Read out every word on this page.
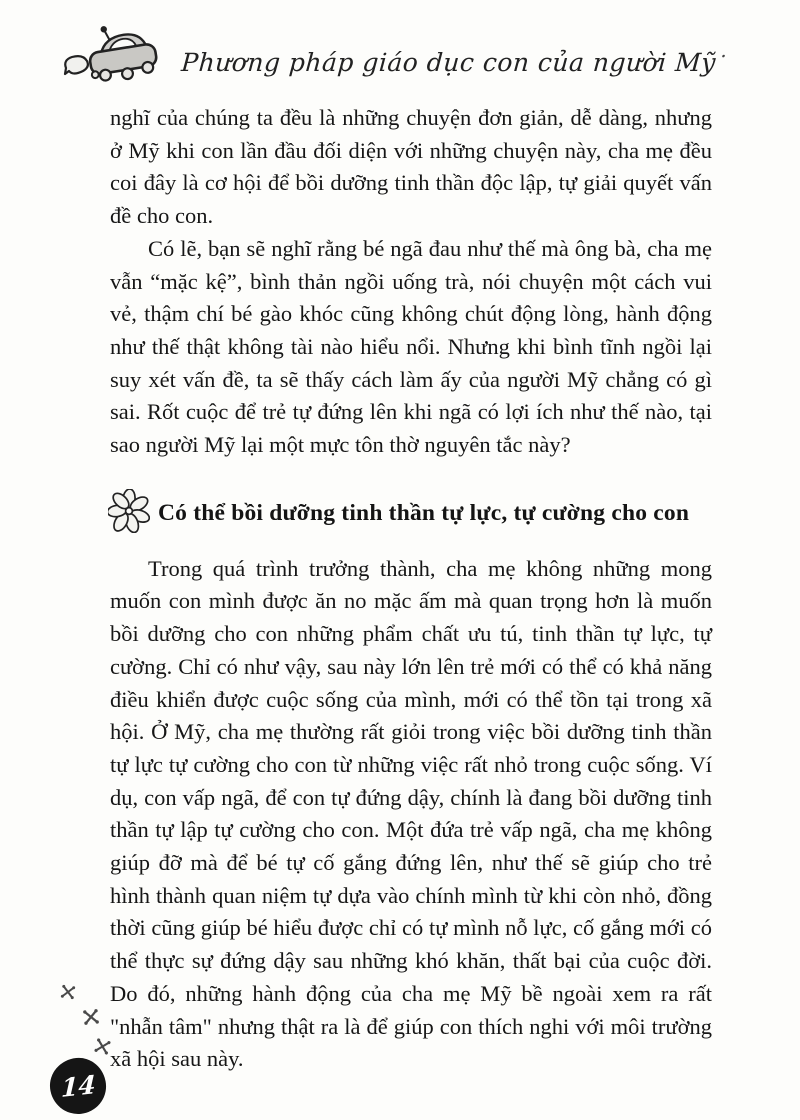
Phương pháp giáo dục con của người Mỹ ·

nghĩ của chúng ta đều là những chuyện đơn giản, dễ dàng, nhưng ở Mỹ khi con lần đầu đối diện với những chuyện này, cha mẹ đều coi đây là cơ hội để bồi dưỡng tinh thần độc lập, tự giải quyết vấn đề cho con.

Có lẽ, bạn sẽ nghĩ rằng bé ngã đau như thế mà ông bà, cha mẹ vẫn “mặc kệ”, bình thản ngồi uống trà, nói chuyện một cách vui vẻ, thậm chí bé gào khóc cũng không chút động lòng, hành động như thế thật không tài nào hiểu nổi. Nhưng khi bình tĩnh ngồi lại suy xét vấn đề, ta sẽ thấy cách làm ấy của người Mỹ chẳng có gì sai. Rốt cuộc để trẻ tự đứng lên khi ngã có lợi ích như thế nào, tại sao người Mỹ lại một mực tôn thờ nguyên tắc này?

Có thể bồi dưỡng tinh thần tự lực, tự cường cho con

Trong quá trình trưởng thành, cha mẹ không những mong muốn con mình được ăn no mặc ấm mà quan trọng hơn là muốn bồi dưỡng cho con những phẩm chất ưu tú, tinh thần tự lực, tự cường. Chỉ có như vậy, sau này lớn lên trẻ mới có thể có khả năng điều khiển được cuộc sống của mình, mới có thể tồn tại trong xã hội. Ở Mỹ, cha mẹ thường rất giỏi trong việc bồi dưỡng tinh thần tự lực tự cường cho con từ những việc rất nhỏ trong cuộc sống. Ví dụ, con vấp ngã, để con tự đứng dậy, chính là đang bồi dưỡng tinh thần tự lập tự cường cho con. Một đứa trẻ vấp ngã, cha mẹ không giúp đỡ mà để bé tự cố gắng đứng lên, như thế sẽ giúp cho trẻ hình thành quan niệm tự dựa vào chính mình từ khi còn nhỏ, đồng thời cũng giúp bé hiểu được chỉ có tự mình nỗ lực, cố gắng mới có thể thực sự đứng dậy sau những khó khăn, thất bại của cuộc đời. Do đó, những hành động của cha mẹ Mỹ bề ngoài xem ra rất "nhẫn tâm" nhưng thật ra là để giúp con thích nghi với môi trường xã hội sau này.

14
